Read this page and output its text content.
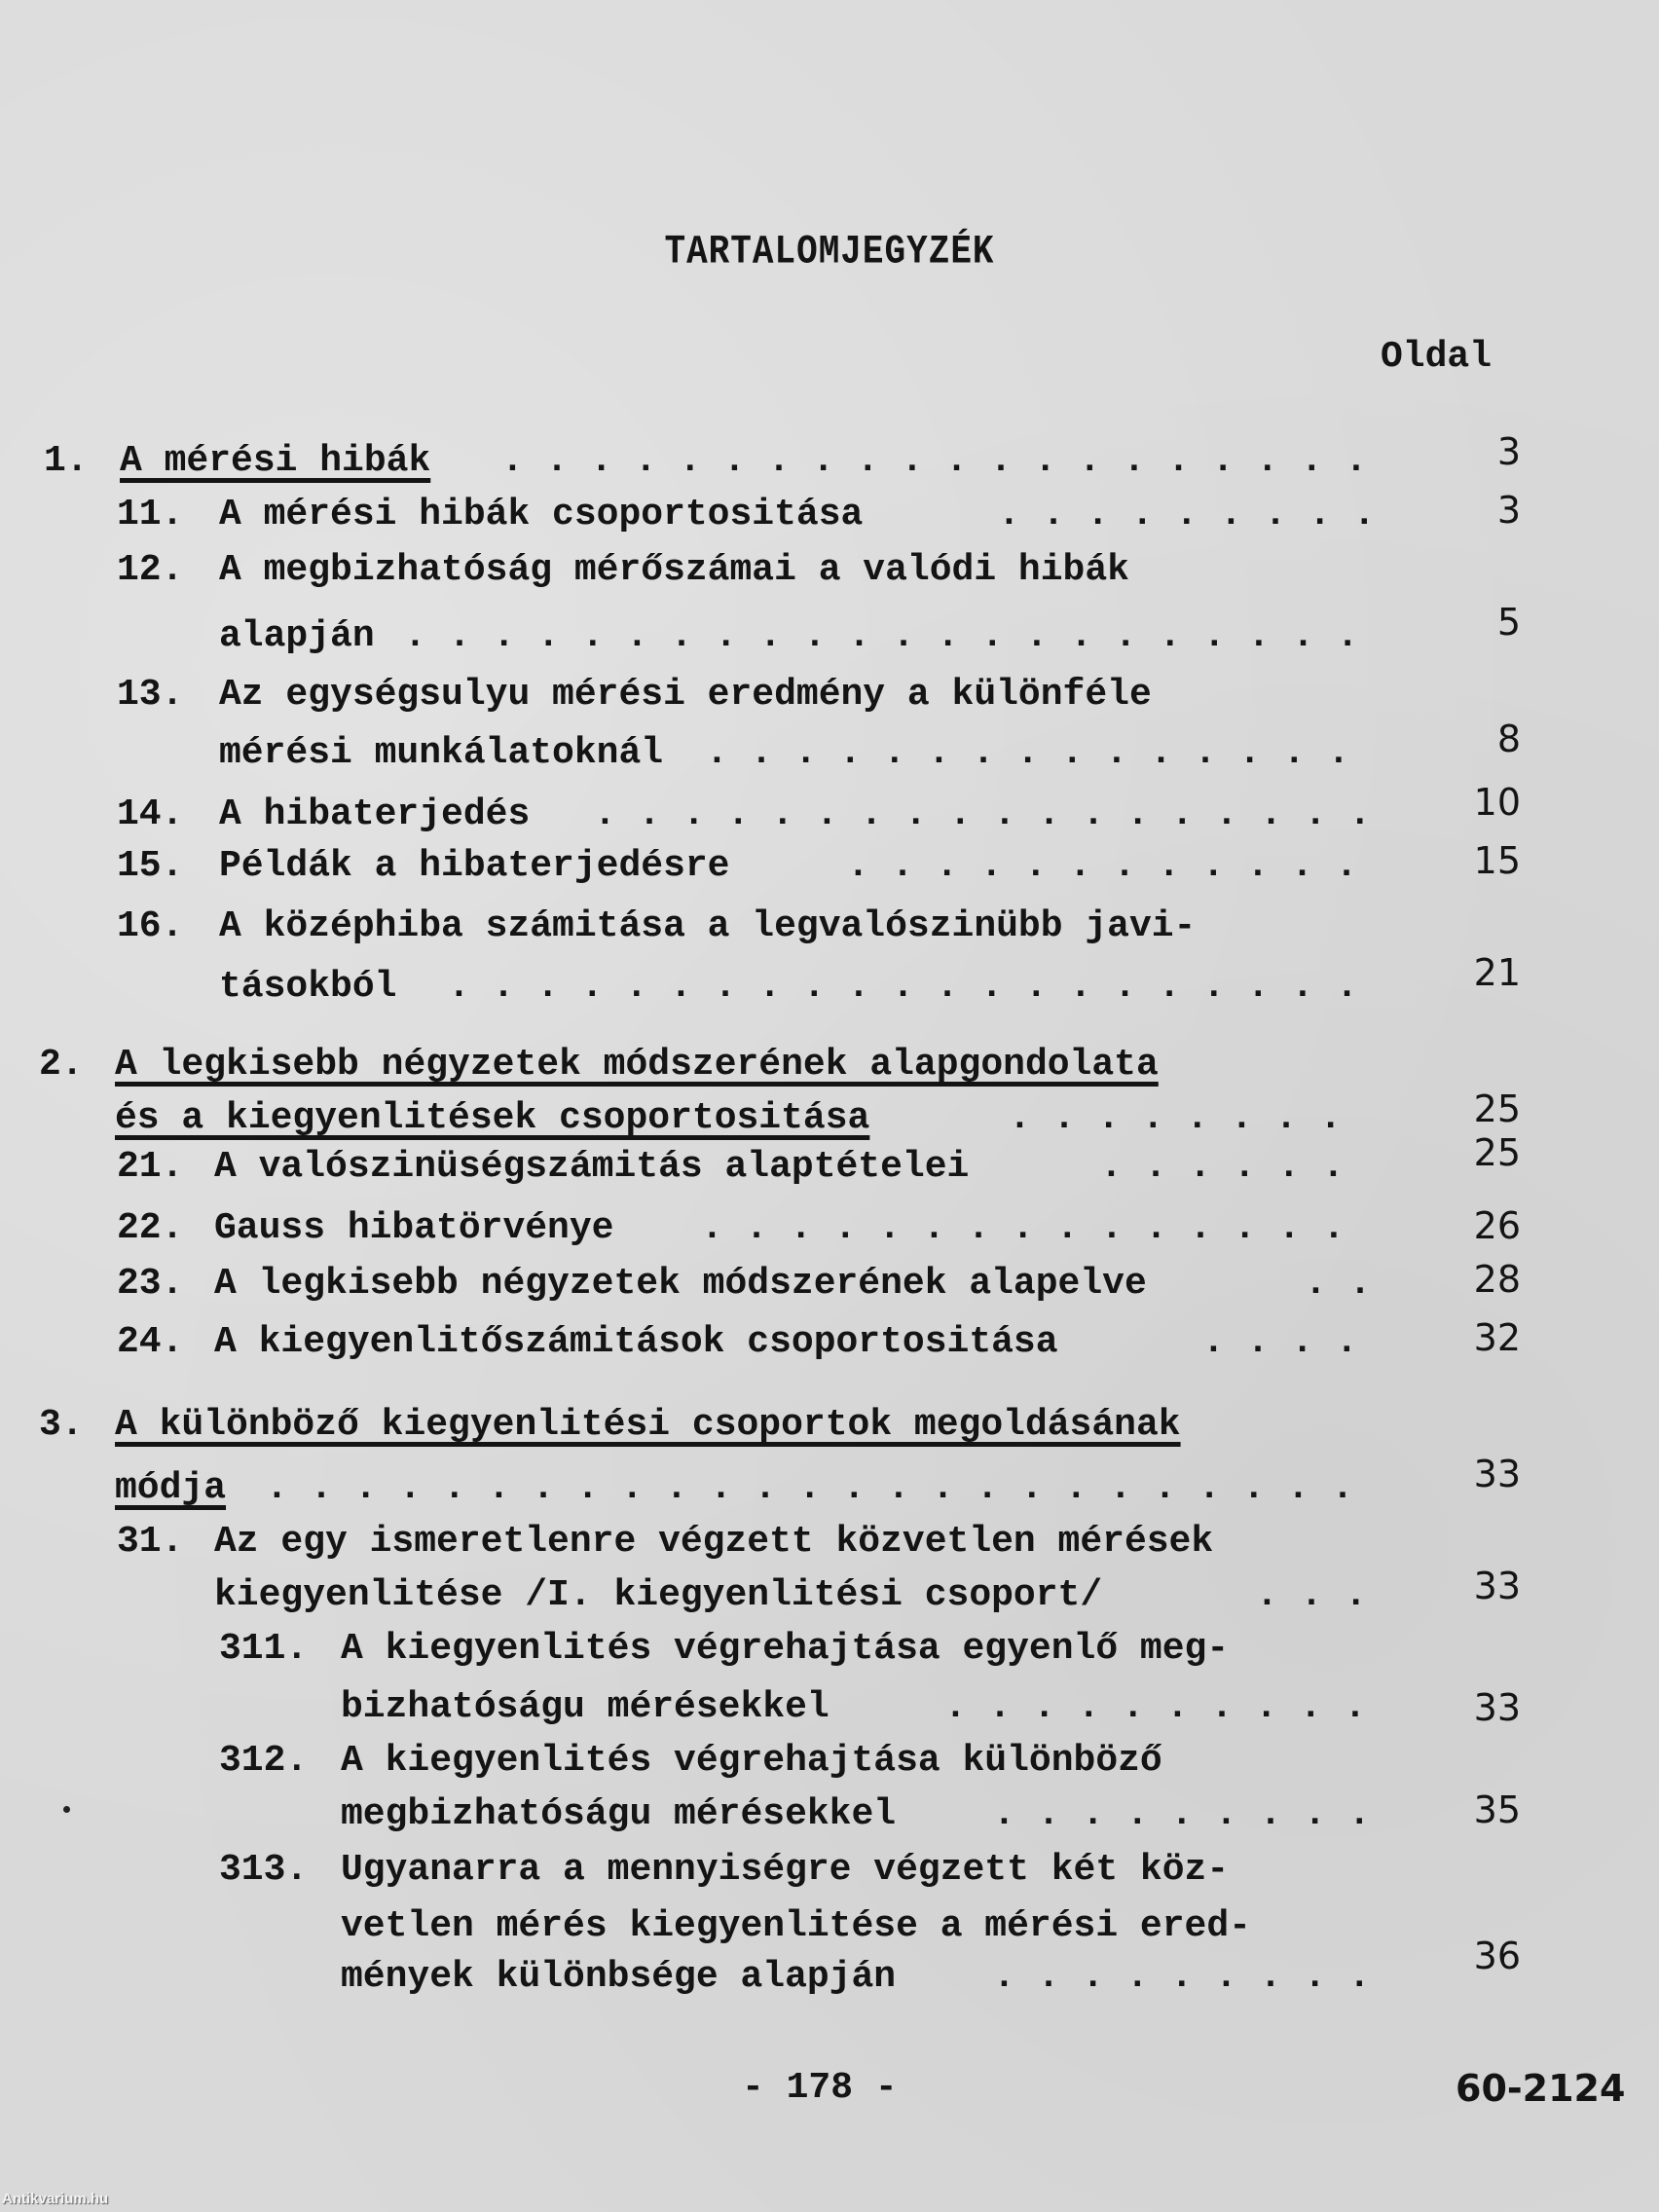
TARTALOMJEGYZÉK
Oldal
1. A mérési hibák . . . . . . . . . . . . . . . . . . . .	3
11. A mérési hibák csoportositása	. . . . . . . . .	3
12. A megbizhatóság mérőszámai a valódi hibák
alapján . . . . . . . . . . . . . . . . . . . . . .	5
13. Az egységsulyu mérési eredmény a különféle
mérési munkálatoknál . . . . . . . . . . . . . . .	8
14. A hibaterjedés . . . . . . . . . . . . . . . . . .	10
15. Példák a hibaterjedésre	. . . . . . . . . . . .	15
16. A középhiba számitása a legvalószinübb javi-
tásokból . . . . . . . . . . . . . . . . . . . . .	21
2. A legkisebb négyzetek módszerének alapgondolata
és a kiegyenlitések csoportositása	. . . . . . . .	25
21. A valószinüségszámitás alaptételei	. . . . . .	25
22. Gauss hibatörvénye . . . . . . . . . . . . . . .	26
23. A legkisebb négyzetek módszerének alapelve	. .	28
24. A kiegyenlitőszámitások csoportositása	. . . .	32
3. A különböző kiegyenlitési csoportok megoldásának
módja . . . . . . . . . . . . . . . . . . . . . . . . .	33
31. Az egy ismeretlenre végzett közvetlen mérések
kiegyenlitése /I. kiegyenlitési csoport/	. . .	33
311. A kiegyenlités végrehajtása egyenlő meg-
bizhatóságu mérésekkel	. . . . . . . . . .	33
312. A kiegyenlités végrehajtása különböző
megbizhatóságu mérésekkel	. . . . . . . . .	35
313. Ugyanarra a mennyiségre végzett két köz-
vetlen mérés kiegyenlitése a mérési ered-
mények különbsége alapján	. . . . . . . . .	36
- 178 -	60-2124
Antikvarium.hu
